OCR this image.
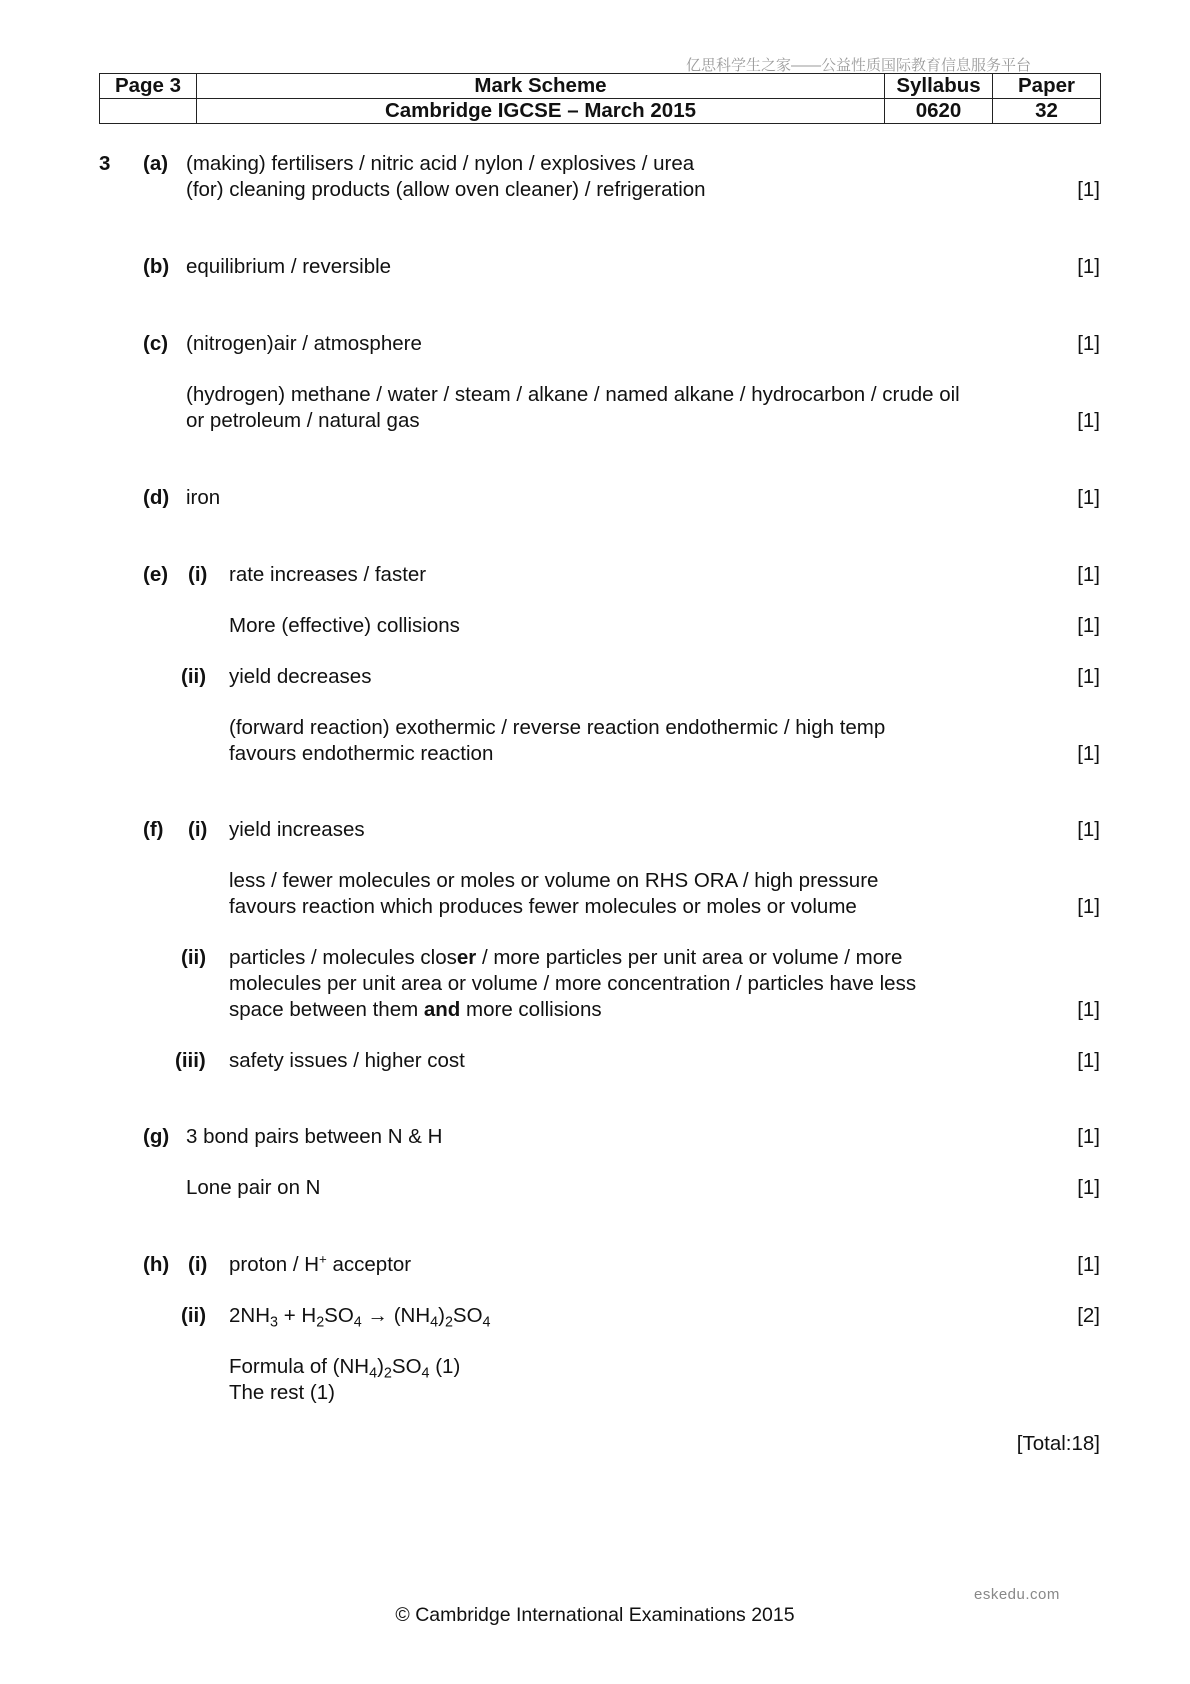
亿思科学生之家——公益性质国际教育信息服务平台
Page 3	Mark Scheme	Syllabus	Paper
	Cambridge IGCSE – March 2015	0620	32
3 (a) (making) fertilisers / nitric acid / nylon / explosives / urea
(for) cleaning products (allow oven cleaner) / refrigeration	[1]
(b) equilibrium / reversible	[1]
(c) (nitrogen)air / atmosphere	[1]
(hydrogen) methane / water / steam / alkane / named alkane / hydrocarbon / crude oil
or petroleum / natural gas	[1]
(d) iron	[1]
(e) (i) rate increases / faster	[1]
More (effective) collisions	[1]
(ii) yield decreases	[1]
(forward reaction) exothermic / reverse reaction endothermic / high temp
favours endothermic reaction	[1]
(f) (i) yield increases	[1]
less / fewer molecules or moles or volume on RHS ORA / high pressure
favours reaction which produces fewer molecules or moles or volume	[1]
(ii) particles / molecules closer / more particles per unit area or volume / more
molecules per unit area or volume / more concentration / particles have less
space between them and more collisions	[1]
(iii) safety issues / higher cost	[1]
(g) 3 bond pairs between N & H	[1]
Lone pair on N	[1]
(h) (i) proton / H+ acceptor	[1]
(ii) $2NH_3 + H_2SO_4 \to (NH_4)_2SO_4$	[2]
Formula of $(NH_4)_2SO_4$ (1)
The rest (1)
[Total:18]
eskedu.com
© Cambridge International Examinations 2015
